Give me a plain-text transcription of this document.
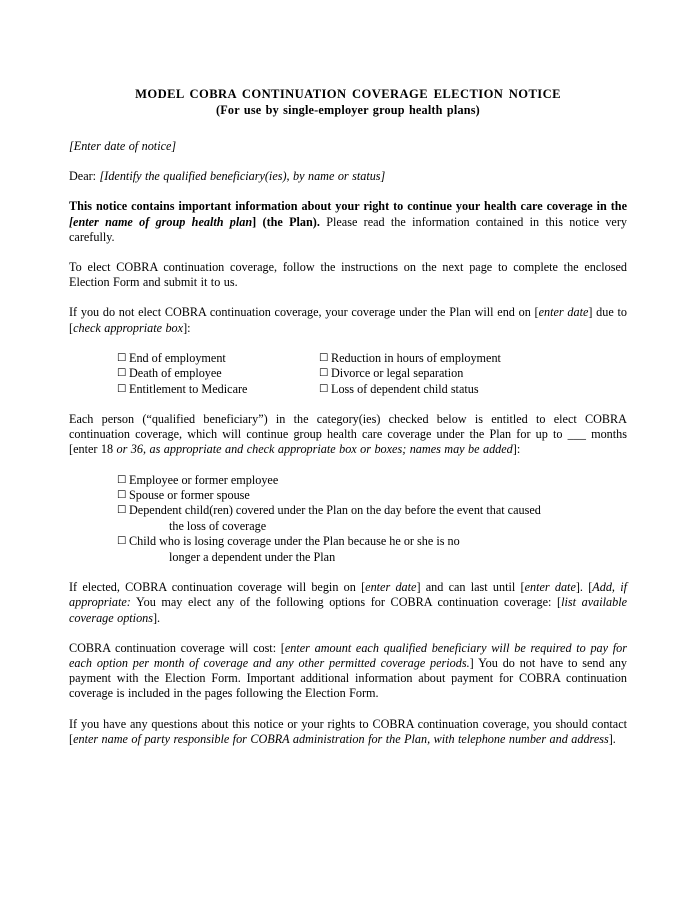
MODEL COBRA CONTINUATION COVERAGE ELECTION NOTICE
(For use by single-employer group health plans)

[Enter date of notice]

Dear: [Identify the qualified beneficiary(ies), by name or status]

This notice contains important information about your right to continue your health care coverage in the [enter name of group health plan] (the Plan). Please read the information contained in this notice very carefully.

To elect COBRA continuation coverage, follow the instructions on the next page to complete the enclosed Election Form and submit it to us.

If you do not elect COBRA continuation coverage, your coverage under the Plan will end on [enter date] due to [check appropriate box]:

☐ End of employment	☐ Reduction in hours of employment
☐ Death of employee	☐ Divorce or legal separation
☐ Entitlement to Medicare	☐ Loss of dependent child status

Each person (“qualified beneficiary”) in the category(ies) checked below is entitled to elect COBRA continuation coverage, which will continue group health care coverage under the Plan for up to ___ months [enter 18 or 36, as appropriate and check appropriate box or boxes; names may be added]:

☐ Employee or former employee
☐ Spouse or former spouse
☐ Dependent child(ren) covered under the Plan on the day before the event that caused
the loss of coverage
☐ Child who is losing coverage under the Plan because he or she is no
longer a dependent under the Plan

If elected, COBRA continuation coverage will begin on [enter date] and can last until [enter date]. [Add, if appropriate: You may elect any of the following options for COBRA continuation coverage: [list available coverage options].

COBRA continuation coverage will cost: [enter amount each qualified beneficiary will be required to pay for each option per month of coverage and any other permitted coverage periods.] You do not have to send any payment with the Election Form. Important additional information about payment for COBRA continuation coverage is included in the pages following the Election Form.

If you have any questions about this notice or your rights to COBRA continuation coverage, you should contact [enter name of party responsible for COBRA administration for the Plan, with telephone number and address].
